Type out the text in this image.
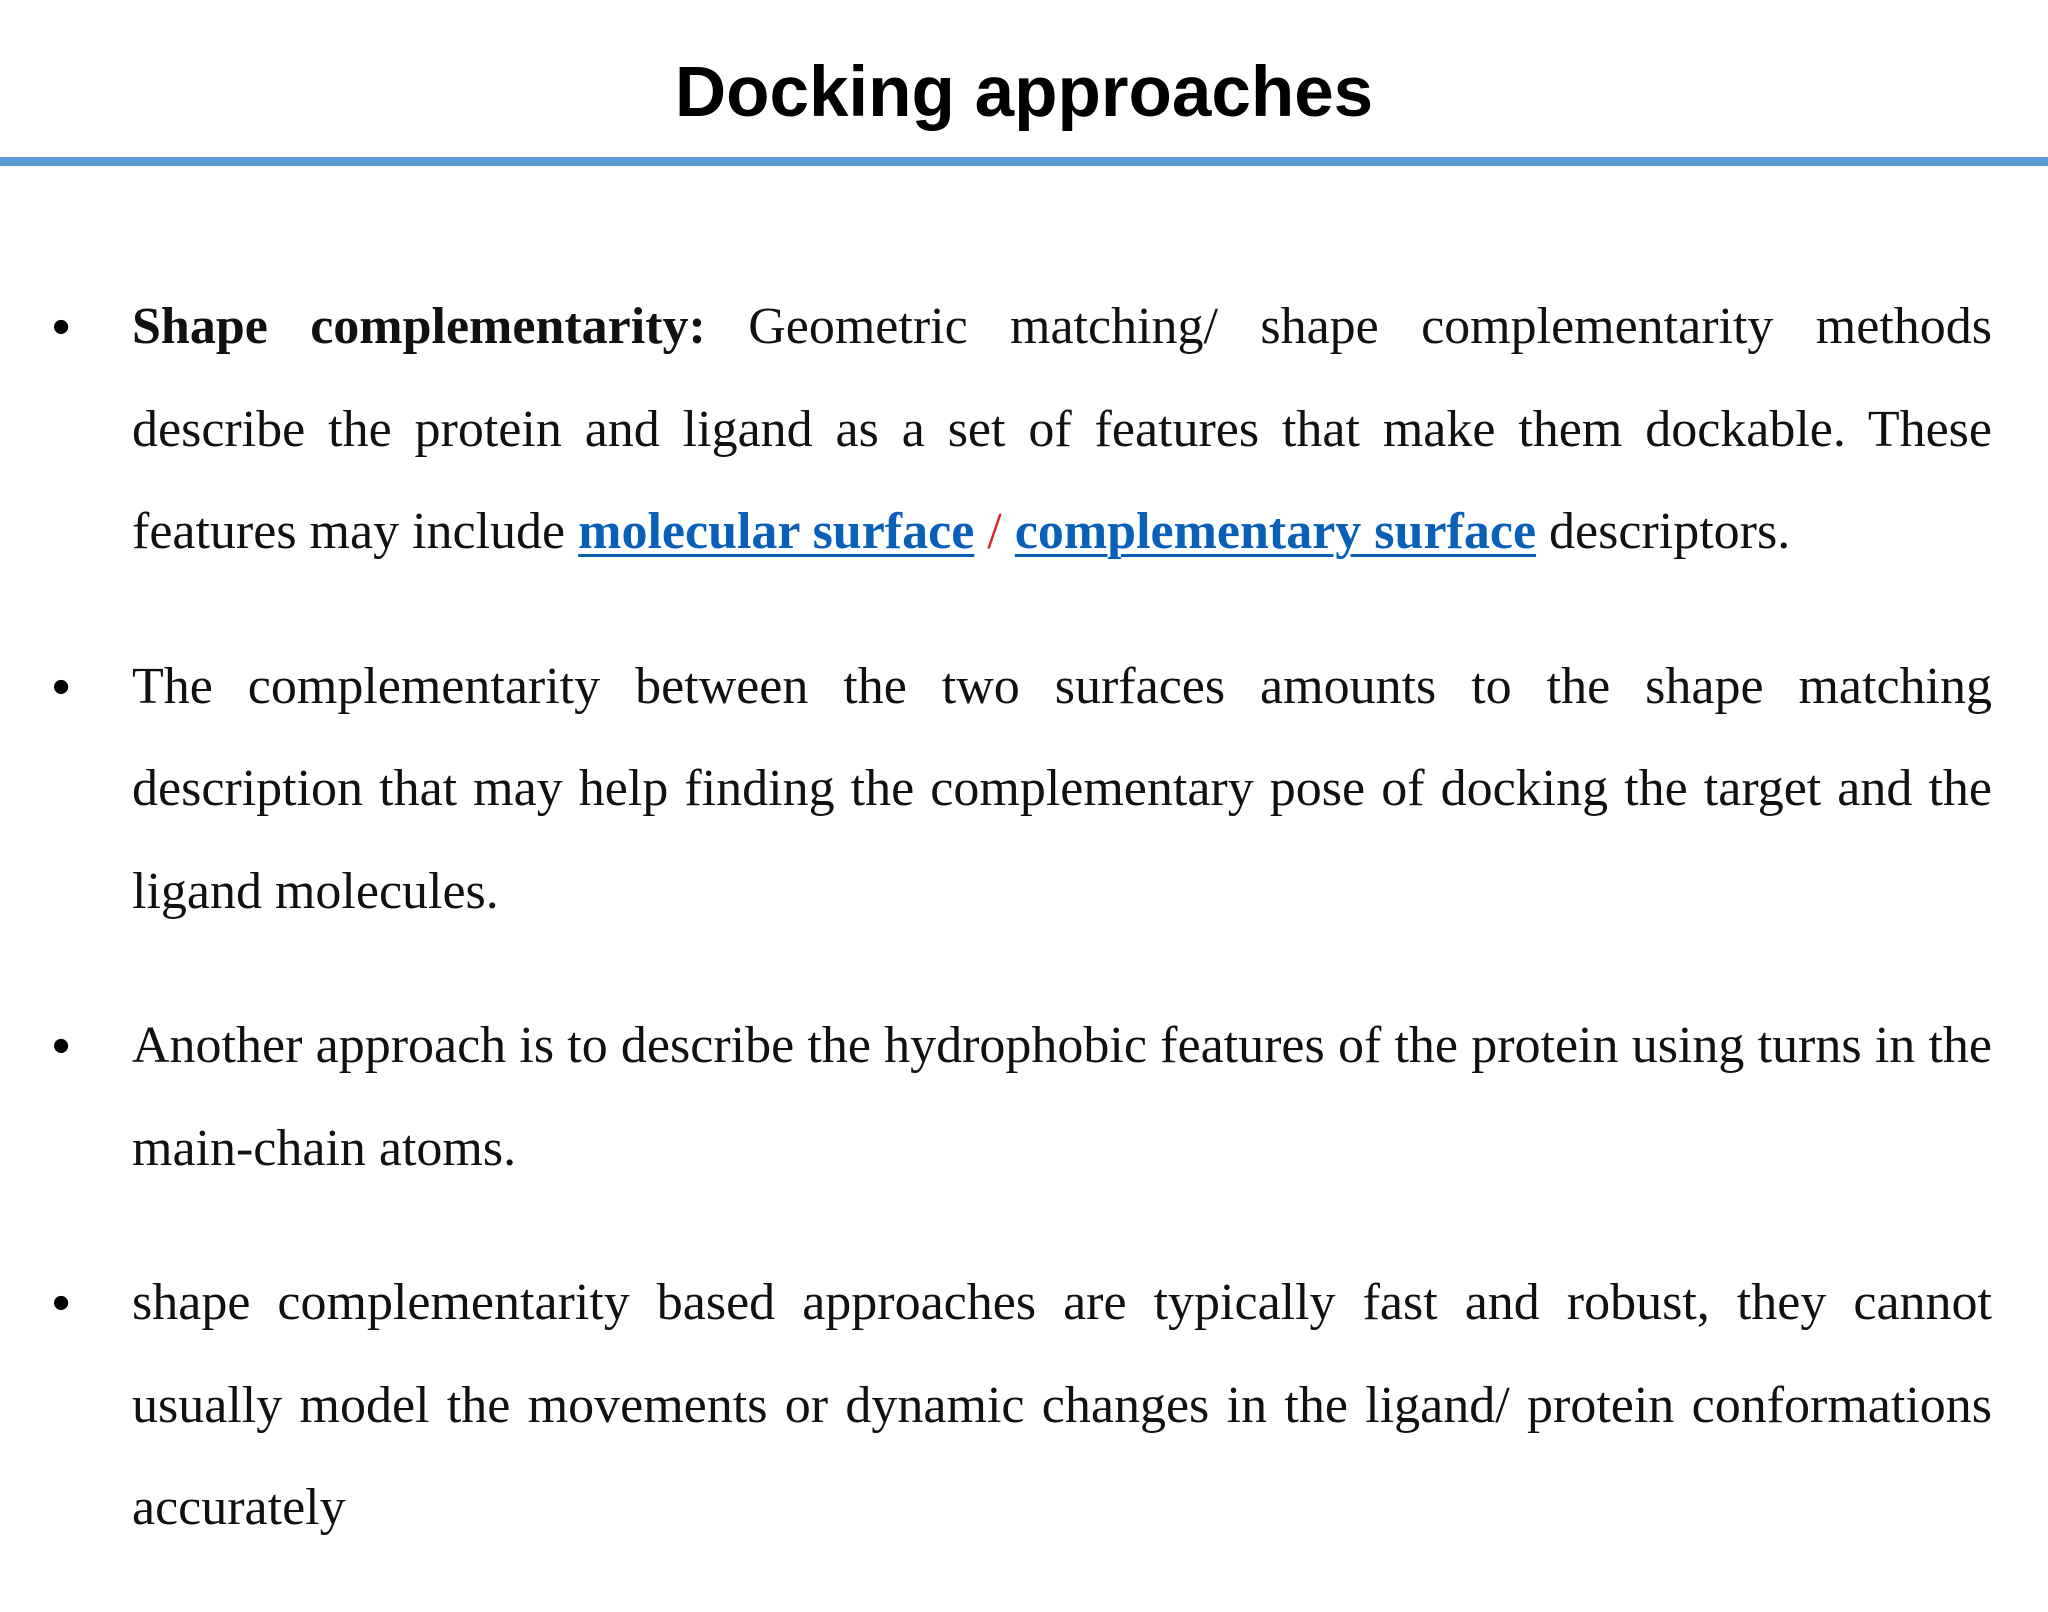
Docking approaches
• Shape complementarity: Geometric matching/ shape complementarity methods describe the protein and ligand as a set of features that make them dockable. These features may include molecular surface / complementary surface descriptors.

• The complementarity between the two surfaces amounts to the shape matching description that may help finding the complementary pose of docking the target and the ligand molecules.

• Another approach is to describe the hydrophobic features of the protein using turns in the main-chain atoms.

• shape complementarity based approaches are typically fast and robust, they cannot usually model the movements or dynamic changes in the ligand/ protein conformations accurately
